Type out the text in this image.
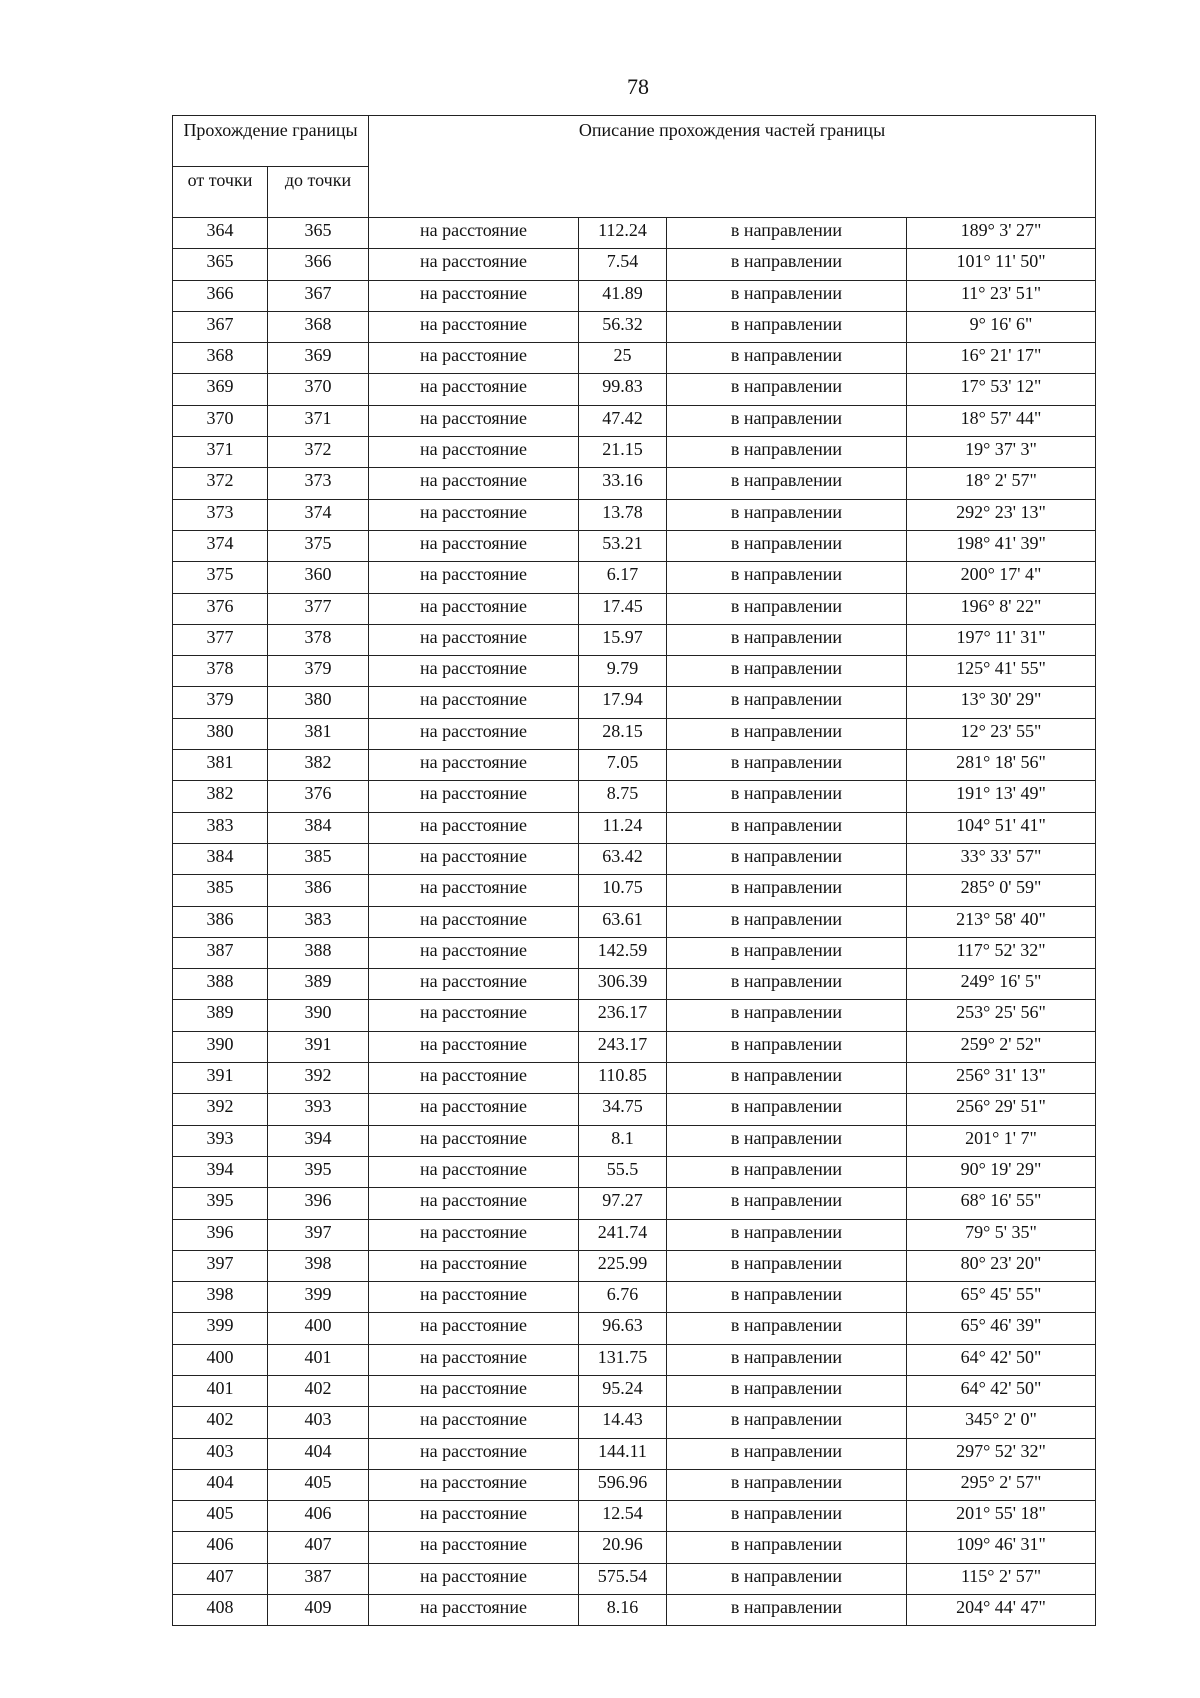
78
Прохождение границы		Описание прохождения частей границы			
от точки	до точки				
364	365	на расстояние	112.24	в направлении	189° 3' 27"
365	366	на расстояние	7.54	в направлении	101° 11' 50"
366	367	на расстояние	41.89	в направлении	11° 23' 51"
367	368	на расстояние	56.32	в направлении	9° 16' 6"
368	369	на расстояние	25	в направлении	16° 21' 17"
369	370	на расстояние	99.83	в направлении	17° 53' 12"
370	371	на расстояние	47.42	в направлении	18° 57' 44"
371	372	на расстояние	21.15	в направлении	19° 37' 3"
372	373	на расстояние	33.16	в направлении	18° 2' 57"
373	374	на расстояние	13.78	в направлении	292° 23' 13"
374	375	на расстояние	53.21	в направлении	198° 41' 39"
375	360	на расстояние	6.17	в направлении	200° 17' 4"
376	377	на расстояние	17.45	в направлении	196° 8' 22"
377	378	на расстояние	15.97	в направлении	197° 11' 31"
378	379	на расстояние	9.79	в направлении	125° 41' 55"
379	380	на расстояние	17.94	в направлении	13° 30' 29"
380	381	на расстояние	28.15	в направлении	12° 23' 55"
381	382	на расстояние	7.05	в направлении	281° 18' 56"
382	376	на расстояние	8.75	в направлении	191° 13' 49"
383	384	на расстояние	11.24	в направлении	104° 51' 41"
384	385	на расстояние	63.42	в направлении	33° 33' 57"
385	386	на расстояние	10.75	в направлении	285° 0' 59"
386	383	на расстояние	63.61	в направлении	213° 58' 40"
387	388	на расстояние	142.59	в направлении	117° 52' 32"
388	389	на расстояние	306.39	в направлении	249° 16' 5"
389	390	на расстояние	236.17	в направлении	253° 25' 56"
390	391	на расстояние	243.17	в направлении	259° 2' 52"
391	392	на расстояние	110.85	в направлении	256° 31' 13"
392	393	на расстояние	34.75	в направлении	256° 29' 51"
393	394	на расстояние	8.1	в направлении	201° 1' 7"
394	395	на расстояние	55.5	в направлении	90° 19' 29"
395	396	на расстояние	97.27	в направлении	68° 16' 55"
396	397	на расстояние	241.74	в направлении	79° 5' 35"
397	398	на расстояние	225.99	в направлении	80° 23' 20"
398	399	на расстояние	6.76	в направлении	65° 45' 55"
399	400	на расстояние	96.63	в направлении	65° 46' 39"
400	401	на расстояние	131.75	в направлении	64° 42' 50"
401	402	на расстояние	95.24	в направлении	64° 42' 50"
402	403	на расстояние	14.43	в направлении	345° 2' 0"
403	404	на расстояние	144.11	в направлении	297° 52' 32"
404	405	на расстояние	596.96	в направлении	295° 2' 57"
405	406	на расстояние	12.54	в направлении	201° 55' 18"
406	407	на расстояние	20.96	в направлении	109° 46' 31"
407	387	на расстояние	575.54	в направлении	115° 2' 57"
408	409	на расстояние	8.16	в направлении	204° 44' 47"
